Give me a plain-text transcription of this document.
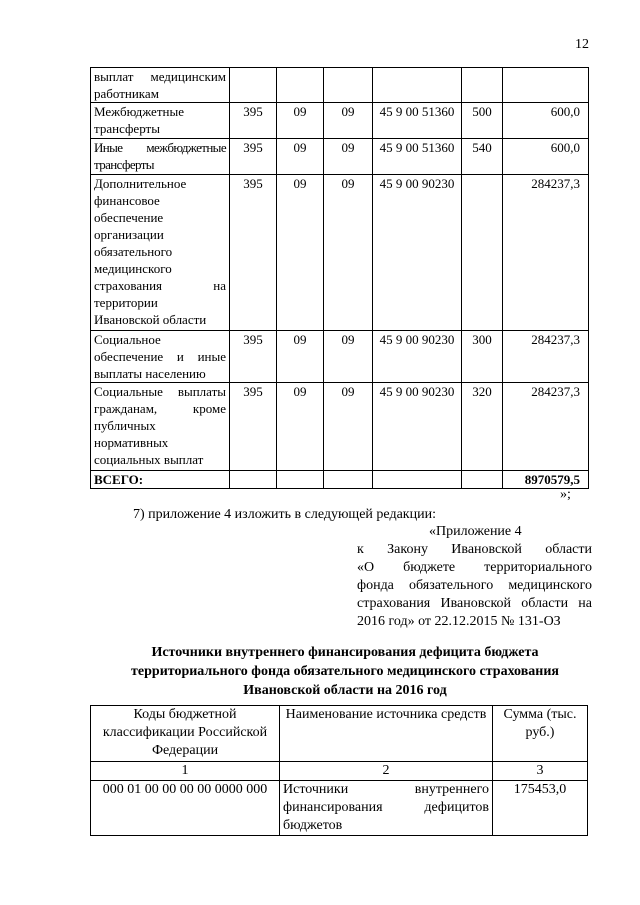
12
выплат медицинским работникам						
Межбюджетные трансферты	395	09	09	45 9 00 51360	500	600,0
Иные межбюджетные трансферты	395	09	09	45 9 00 51360	540	600,0
Дополнительное финансовое обеспечение организации обязательного медицинского страхования на территории Ивановской области	395	09	09	45 9 00 90230		284237,3
Социальное обеспечение и иные выплаты населению	395	09	09	45 9 00 90230	300	284237,3
Социальные выплаты гражданам, кроме публичных нормативных социальных выплат	395	09	09	45 9 00 90230	320	284237,3
ВСЕГО:						8970579,5
»;
7) приложение 4 изложить в следующей редакции:
«Приложение 4
к Закону Ивановской области
«О бюджете территориального
фонда обязательного медицинского
страхования Ивановской области на
2016 год» от 22.12.2015 № 131-ОЗ
Источники внутреннего финансирования дефицита бюджета
территориального фонда обязательного медицинского страхования
Ивановской области на 2016 год
Коды бюджетной классификации Российской Федерации	Наименование источника средств	Сумма (тыс. руб.)
1	2	3
000 01 00 00 00 00 0000 000	Источники внутреннего финансирования дефицитов бюджетов	175453,0
